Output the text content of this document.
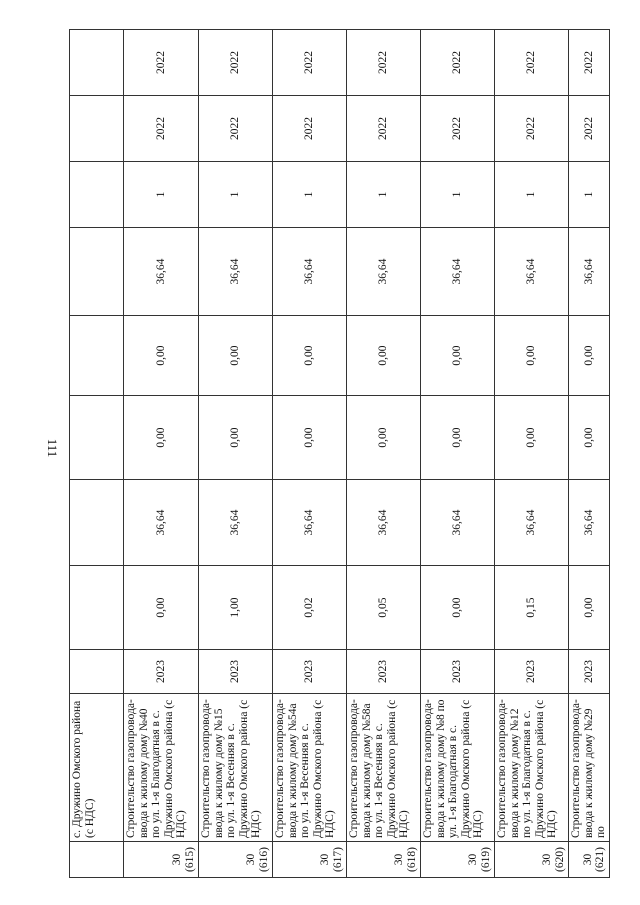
111
	с. Дружино Омского района (с НДС)									

30 (615)	Строительство газопровода-ввода к жилому дому №40 по ул. 1-я Благодатная в с. Дружино Омского района (с НДС)	2023	0,00	36,64	0,00	0,00	36,64	1	2022	2022

30 (616)	Строительство газопровода-ввода к жилому дому №15 по ул. 1-я Весенняя в с. Дружино Омского района (с НДС)	2023	1,00	36,64	0,00	0,00	36,64	1	2022	2022

30 (617)	Строительство газопровода-ввода к жилому дому №54а по ул. 1-я Весенняя в с. Дружино Омского района (с НДС)	2023	0,02	36,64	0,00	0,00	36,64	1	2022	2022

30 (618)	Строительство газопровода-ввода к жилому дому №58а по ул. 1-я Весенняя в с. Дружино Омского района (с НДС)	2023	0,05	36,64	0,00	0,00	36,64	1	2022	2022

30 (619)	Строительство газопровода-ввода к жилому дому №8 по ул. 1-я Благодатная в с. Дружино Омского района (с НДС)	2023	0,00	36,64	0,00	0,00	36,64	1	2022	2022

30 (620)	Строительство газопровода-ввода к жилому дому №12 по ул. 1-я Благодатная в с. Дружино Омского района (с НДС)	2023	0,15	36,64	0,00	0,00	36,64	1	2022	2022

30 (621)	Строительство газопровода-ввода к жилому дому №29 по	2023	0,00	36,64	0,00	0,00	36,64	1	2022	2022
